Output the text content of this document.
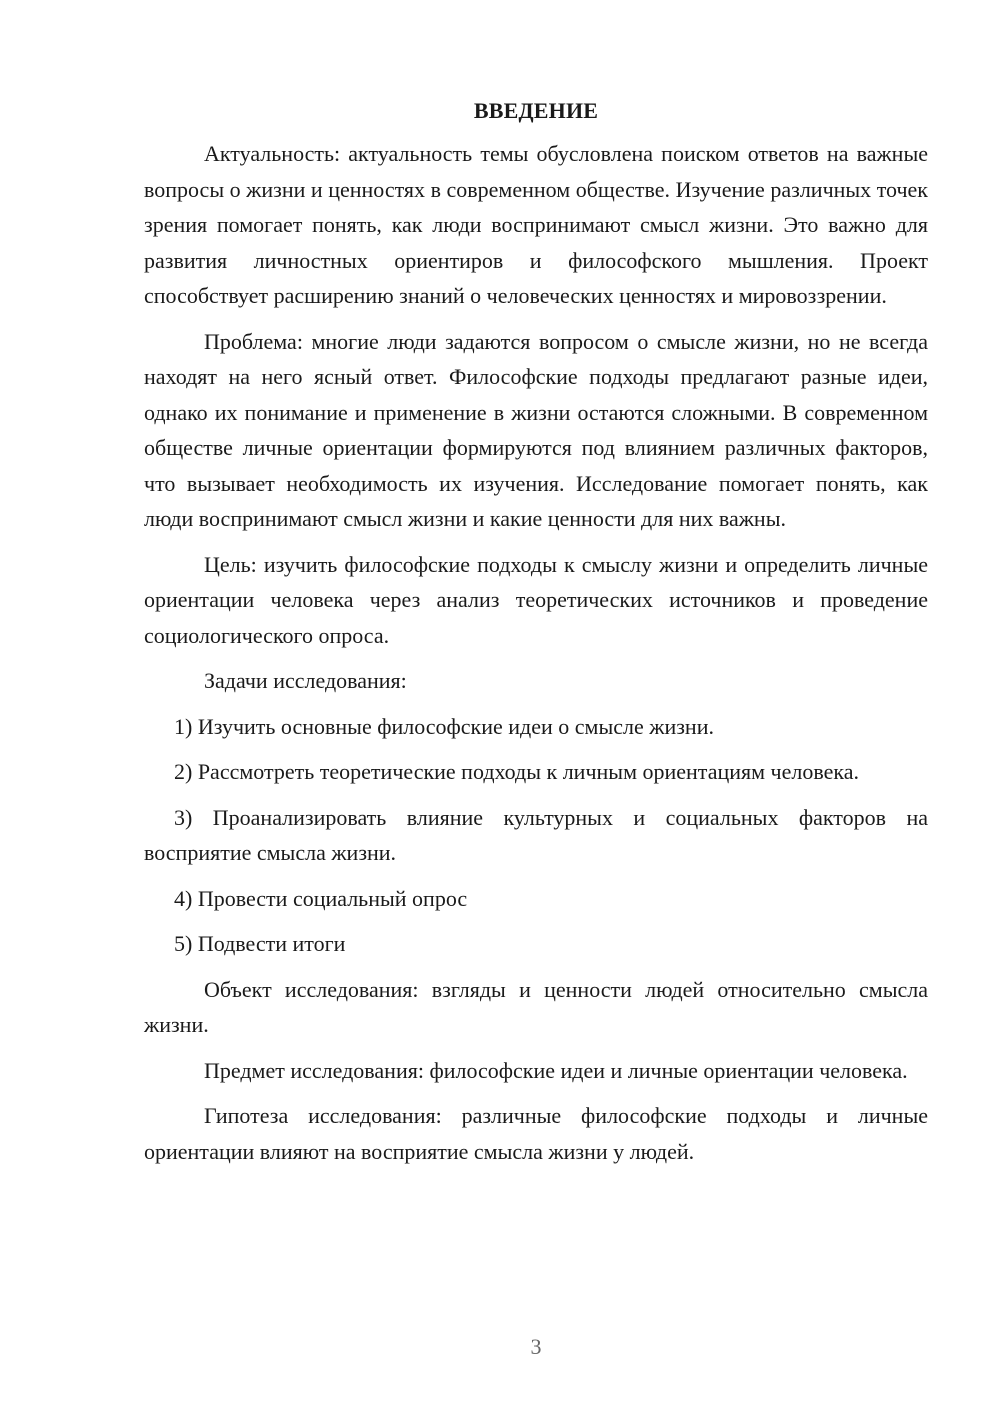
ВВЕДЕНИЕ

Актуальность: актуальность темы обусловлена поиском ответов на важные вопросы о жизни и ценностях в современном обществе. Изучение различных точек зрения помогает понять, как люди воспринимают смысл жизни. Это важно для развития личностных ориентиров и философского мышления. Проект способствует расширению знаний о человеческих ценностях и мировоззрении.

Проблема: многие люди задаются вопросом о смысле жизни, но не всегда находят на него ясный ответ. Философские подходы предлагают разные идеи, однако их понимание и применение в жизни остаются сложными. В современном обществе личные ориентации формируются под влиянием различных факторов, что вызывает необходимость их изучения. Исследование помогает понять, как люди воспринимают смысл жизни и какие ценности для них важны.

Цель: изучить философские подходы к смыслу жизни и определить личные ориентации человека через анализ теоретических источников и проведение социологического опроса.

Задачи исследования:

1) Изучить основные философские идеи о смысле жизни.

2) Рассмотреть теоретические подходы к личным ориентациям человека.

3) Проанализировать влияние культурных и социальных факторов на восприятие смысла жизни.

4) Провести социальный опрос

5) Подвести итоги

Объект исследования: взгляды и ценности людей относительно смысла жизни.

Предмет исследования: философские идеи и личные ориентации человека.

Гипотеза исследования: различные философские подходы и личные ориентации влияют на восприятие смысла жизни у людей.

3
